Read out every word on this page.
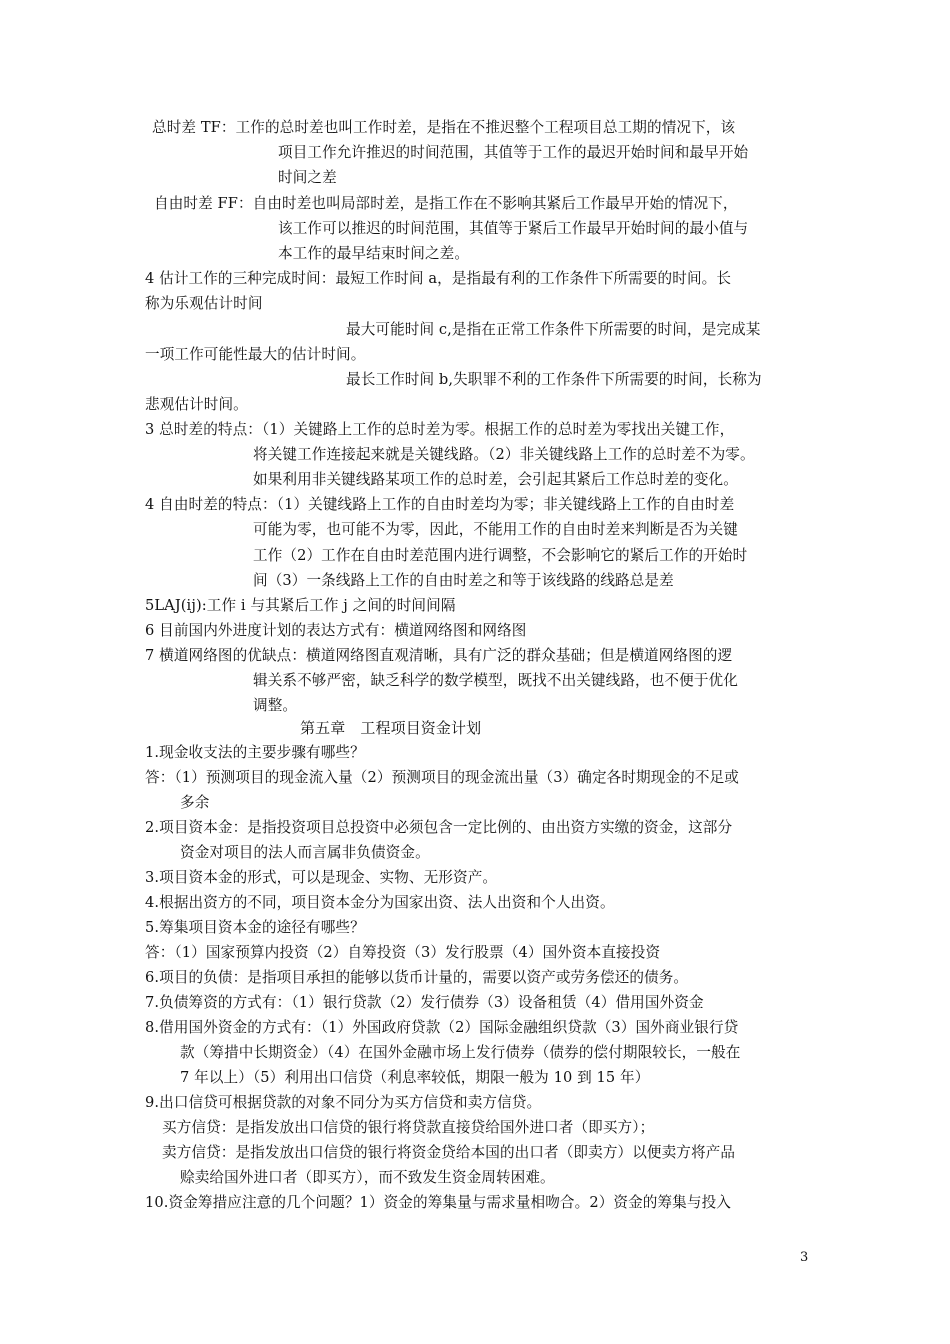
总时差 TF：工作的总时差也叫工作时差，是指在不推迟整个工程项目总工期的情况下，该
项目工作允许推迟的时间范围，其值等于工作的最迟开始时间和最早开始
时间之差
自由时差 FF：自由时差也叫局部时差，是指工作在不影响其紧后工作最早开始的情况下，
该工作可以推迟的时间范围，其值等于紧后工作最早开始时间的最小值与
本工作的最早结束时间之差。
4 估计工作的三种完成时间：最短工作时间 a，是指最有利的工作条件下所需要的时间。长
称为乐观估计时间
最大可能时间 c,是指在正常工作条件下所需要的时间，是完成某
一项工作可能性最大的估计时间。
最长工作时间 b,失职罪不利的工作条件下所需要的时间，长称为
悲观估计时间。
3 总时差的特点：（1）关键路上工作的总时差为零。根据工作的总时差为零找出关键工作，
将关键工作连接起来就是关键线路。（2）非关键线路上工作的总时差不为零。
如果利用非关键线路某项工作的总时差，会引起其紧后工作总时差的变化。
4 自由时差的特点：（1）关键线路上工作的自由时差均为零；非关键线路上工作的自由时差
可能为零，也可能不为零，因此，不能用工作的自由时差来判断是否为关键
工作（2）工作在自由时差范围内进行调整，不会影响它的紧后工作的开始时
间（3）一条线路上工作的自由时差之和等于该线路的线路总是差
5LAJ(ij):工作 i 与其紧后工作 j 之间的时间间隔
6 目前国内外进度计划的表达方式有：横道网络图和网络图
7 横道网络图的优缺点：横道网络图直观清晰，具有广泛的群众基础；但是横道网络图的逻
辑关系不够严密，缺乏科学的数学模型，既找不出关键线路，也不便于优化
调整。
第五章　工程项目资金计划
1.现金收支法的主要步骤有哪些？
答：（1）预测项目的现金流入量（2）预测项目的现金流出量（3）确定各时期现金的不足或
多余
2.项目资本金：是指投资项目总投资中必须包含一定比例的、由出资方实缴的资金，这部分
资金对项目的法人而言属非负债资金。
3.项目资本金的形式，可以是现金、实物、无形资产。
4.根据出资方的不同，项目资本金分为国家出资、法人出资和个人出资。
5.筹集项目资本金的途径有哪些？
答：（1）国家预算内投资（2）自筹投资（3）发行股票（4）国外资本直接投资
6.项目的负债：是指项目承担的能够以货币计量的，需要以资产或劳务偿还的债务。
7.负债筹资的方式有：（1）银行贷款（2）发行债券（3）设备租赁（4）借用国外资金
8.借用国外资金的方式有：（1）外国政府贷款（2）国际金融组织贷款（3）国外商业银行贷
款（筹措中长期资金）（4）在国外金融市场上发行债券（债券的偿付期限较长，一般在
7 年以上）（5）利用出口信贷（利息率较低，期限一般为 10 到 15 年）
9.出口信贷可根据贷款的对象不同分为买方信贷和卖方信贷。
买方信贷：是指发放出口信贷的银行将贷款直接贷给国外进口者（即买方）；
卖方信贷：是指发放出口信贷的银行将资金贷给本国的出口者（即卖方）以便卖方将产品
赊卖给国外进口者（即买方），而不致发生资金周转困难。
10.资金筹措应注意的几个问题？1）资金的筹集量与需求量相吻合。2）资金的筹集与投入
3
